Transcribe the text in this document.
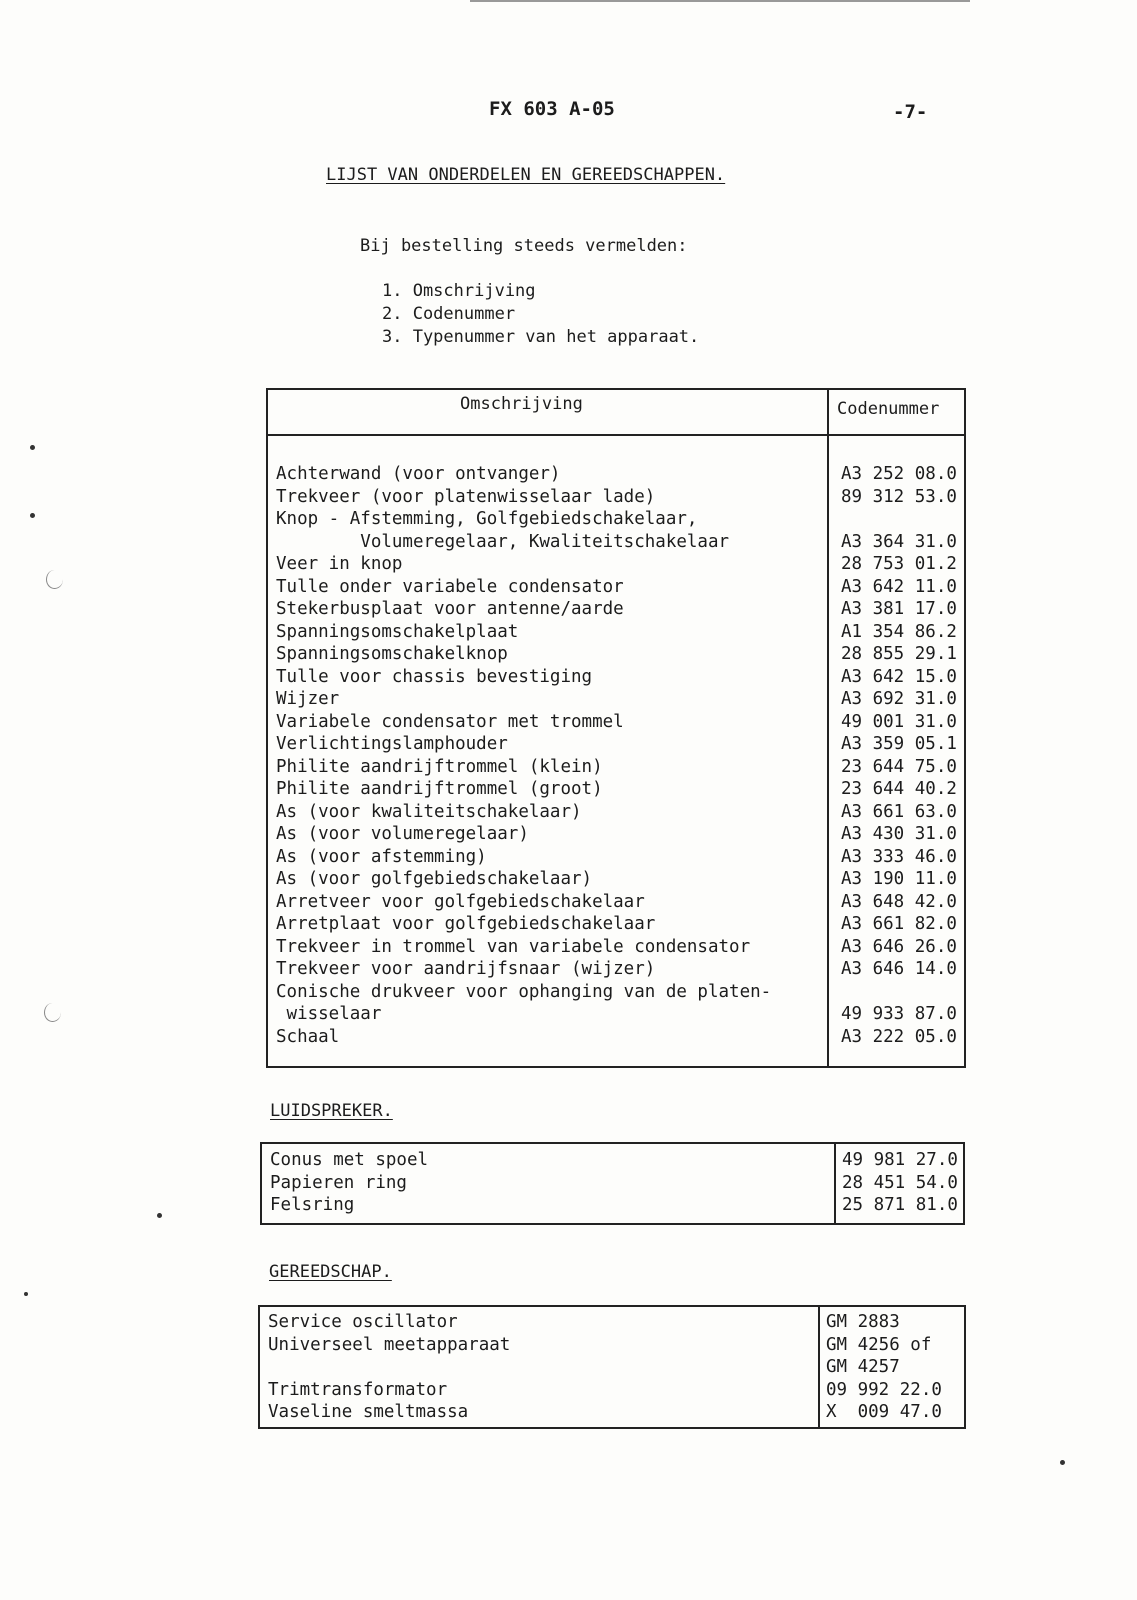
FX 603 A-05	-7-
LIJST VAN ONDERDELEN EN GEREEDSCHAPPEN.
Bij bestelling steeds vermelden:
1. Omschrijving
2. Codenummer
3. Typenummer van het apparaat.
Omschrijving	Codenummer
Achterwand (voor ontvanger)	A3 252 08.0
Trekveer (voor platenwisselaar lade)	89 312 53.0
Knop - Afstemming, Golfgebiedschakelaar,
Volumeregelaar, Kwaliteitschakelaar	A3 364 31.0
Veer in knop	28 753 01.2
Tulle onder variabele condensator	A3 642 11.0
Stekerbusplaat voor antenne/aarde	A3 381 17.0
Spanningsomschakelplaat	A1 354 86.2
Spanningsomschakelknop	28 855 29.1
Tulle voor chassis bevestiging	A3 642 15.0
Wijzer	A3 692 31.0
Variabele condensator met trommel	49 001 31.0
Verlichtingslamphouder	A3 359 05.1
Philite aandrijftrommel (klein)	23 644 75.0
Philite aandrijftrommel (groot)	23 644 40.2
As (voor kwaliteitschakelaar)	A3 661 63.0
As (voor volumeregelaar)	A3 430 31.0
As (voor afstemming)	A3 333 46.0
As (voor golfgebiedschakelaar)	A3 190 11.0
Arretveer voor golfgebiedschakelaar	A3 648 42.0
Arretplaat voor golfgebiedschakelaar	A3 661 82.0
Trekveer in trommel van variabele condensator	A3 646 26.0
Trekveer voor aandrijfsnaar (wijzer)	A3 646 14.0
Conische drukveer voor ophanging van de platen-
wisselaar	49 933 87.0
Schaal	A3 222 05.0
LUIDSPREKER.
Conus met spoel	49 981 27.0
Papieren ring	28 451 54.0
Felsring	25 871 81.0
GEREEDSCHAP.
Service oscillator	GM 2883
Universeel meetapparaat	GM 4256 of
GM 4257
Trimtransformator	09 992 22.0
Vaseline smeltmassa	X  009 47.0
